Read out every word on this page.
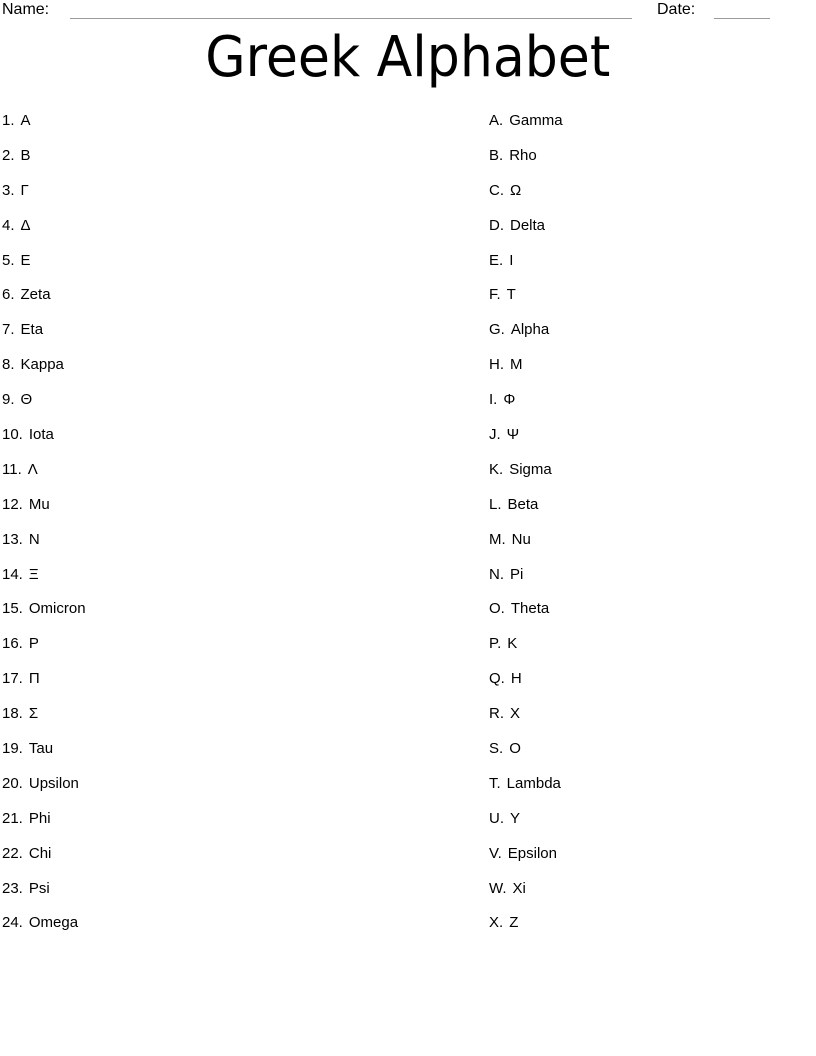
Name:	Date:
Greek Alphabet
1. Α
2. Β
3. Γ
4. Δ
5. Ε
6. Zeta
7. Eta
8. Kappa
9. Θ
10. Iota
11. Λ
12. Mu
13. Ν
14. Ξ
15. Omicron
16. Ρ
17. Π
18. Σ
19. Tau
20. Upsilon
21. Phi
22. Chi
23. Psi
24. Omega
A. Gamma
B. Rho
C. Ω
D. Delta
E. Ι
F. Τ
G. Alpha
H. Μ
I. Φ
J. Ψ
K. Sigma
L. Beta
M. Nu
N. Pi
O. Theta
P. Κ
Q. Η
R. Χ
S. Ο
T. Lambda
U. Υ
V. Epsilon
W. Xi
X. Ζ
